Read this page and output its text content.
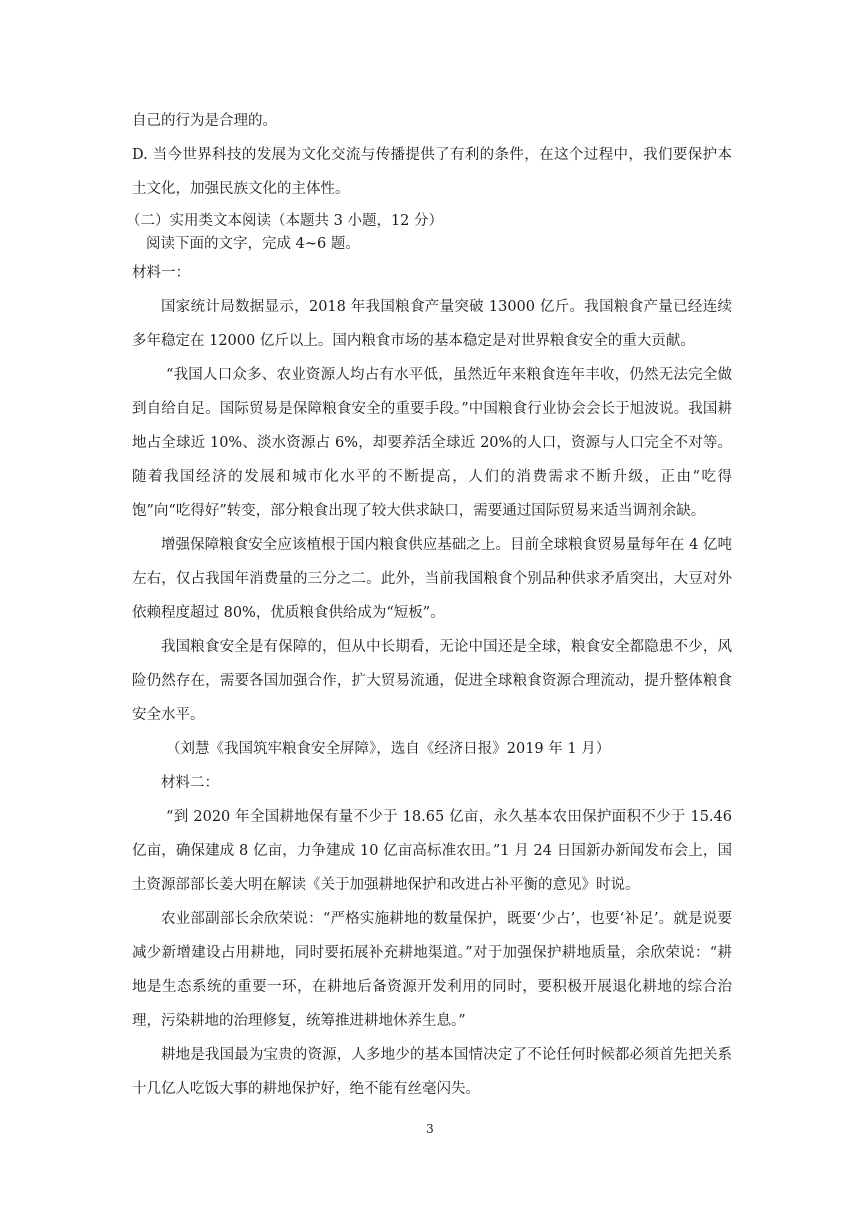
自己的行为是合理的。

D. 当今世界科技的发展为文化交流与传播提供了有利的条件，在这个过程中，我们要保护本土文化，加强民族文化的主体性。

（二）实用类文本阅读（本题共 3 小题，12 分）

阅读下面的文字，完成 4~6 题。

材料一：

国家统计局数据显示，2018 年我国粮食产量突破 13000 亿斤。我国粮食产量已经连续多年稳定在 12000 亿斤以上。国内粮食市场的基本稳定是对世界粮食安全的重大贡献。

“我国人口众多、农业资源人均占有水平低，虽然近年来粮食连年丰收，仍然无法完全做到自给自足。国际贸易是保障粮食安全的重要手段。”中国粮食行业协会会长于旭波说。我国耕地占全球近 10%、淡水资源占 6%，却要养活全球近 20%的人口，资源与人口完全不对等。随着我国经济的发展和城市化水平的不断提高，人们的消费需求不断升级，正由“吃得饱”向“吃得好”转变，部分粮食出现了较大供求缺口，需要通过国际贸易来适当调剂余缺。

增强保障粮食安全应该植根于国内粮食供应基础之上。目前全球粮食贸易量每年在 4 亿吨左右，仅占我国年消费量的三分之二。此外，当前我国粮食个别品种供求矛盾突出，大豆对外依赖程度超过 80%，优质粮食供给成为“短板”。

我国粮食安全是有保障的，但从中长期看，无论中国还是全球，粮食安全都隐患不少，风险仍然存在，需要各国加强合作，扩大贸易流通，促进全球粮食资源合理流动，提升整体粮食安全水平。

（刘慧《我国筑牢粮食安全屏障》，选自《经济日报》2019 年 1 月）

材料二：

“到 2020 年全国耕地保有量不少于 18.65 亿亩，永久基本农田保护面积不少于 15.46 亿亩，确保建成 8 亿亩，力争建成 10 亿亩高标准农田。”1 月 24 日国新办新闻发布会上，国土资源部部长姜大明在解读《关于加强耕地保护和改进占补平衡的意见》时说。

农业部副部长余欣荣说：“严格实施耕地的数量保护，既要‘少占’，也要‘补足’。就是说要减少新增建设占用耕地，同时要拓展补充耕地渠道。”对于加强保护耕地质量，余欣荣说：“耕地是生态系统的重要一环，在耕地后备资源开发利用的同时，要积极开展退化耕地的综合治理，污染耕地的治理修复，统筹推进耕地休养生息。”

耕地是我国最为宝贵的资源，人多地少的基本国情决定了不论任何时候都必须首先把关系十几亿人吃饭大事的耕地保护好，绝不能有丝毫闪失。

3
